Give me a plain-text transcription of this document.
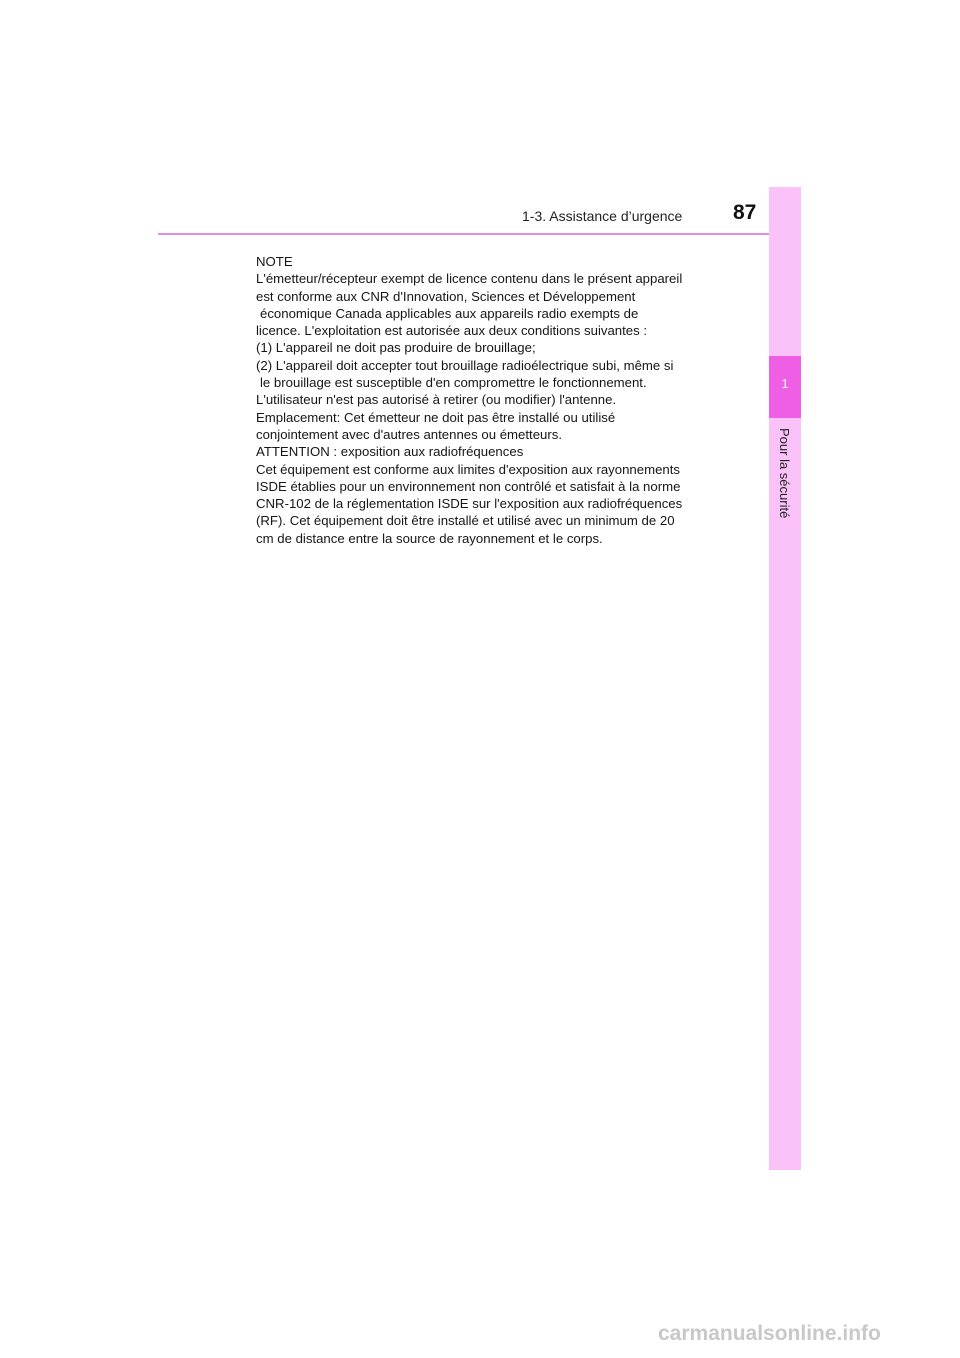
1-3. Assistance d’urgence 87
1
Pour la sécurité
NOTE
L'émetteur/récepteur exempt de licence contenu dans le présent appareil
est conforme aux CNR d'Innovation, Sciences et Développement
économique Canada applicables aux appareils radio exempts de
licence. L'exploitation est autorisée aux deux conditions suivantes :
(1) L'appareil ne doit pas produire de brouillage;
(2) L'appareil doit accepter tout brouillage radioélectrique subi, même si
le brouillage est susceptible d'en compromettre le fonctionnement.
L'utilisateur n'est pas autorisé à retirer (ou modifier) l'antenne.
Emplacement: Cet émetteur ne doit pas être installé ou utilisé
conjointement avec d'autres antennes ou émetteurs.
ATTENTION : exposition aux radiofréquences
Cet équipement est conforme aux limites d'exposition aux rayonnements
ISDE établies pour un environnement non contrôlé et satisfait à la norme
CNR-102 de la réglementation ISDE sur l'exposition aux radiofréquences
(RF). Cet équipement doit être installé et utilisé avec un minimum de 20
cm de distance entre la source de rayonnement et le corps.
carmanualsonline.info
